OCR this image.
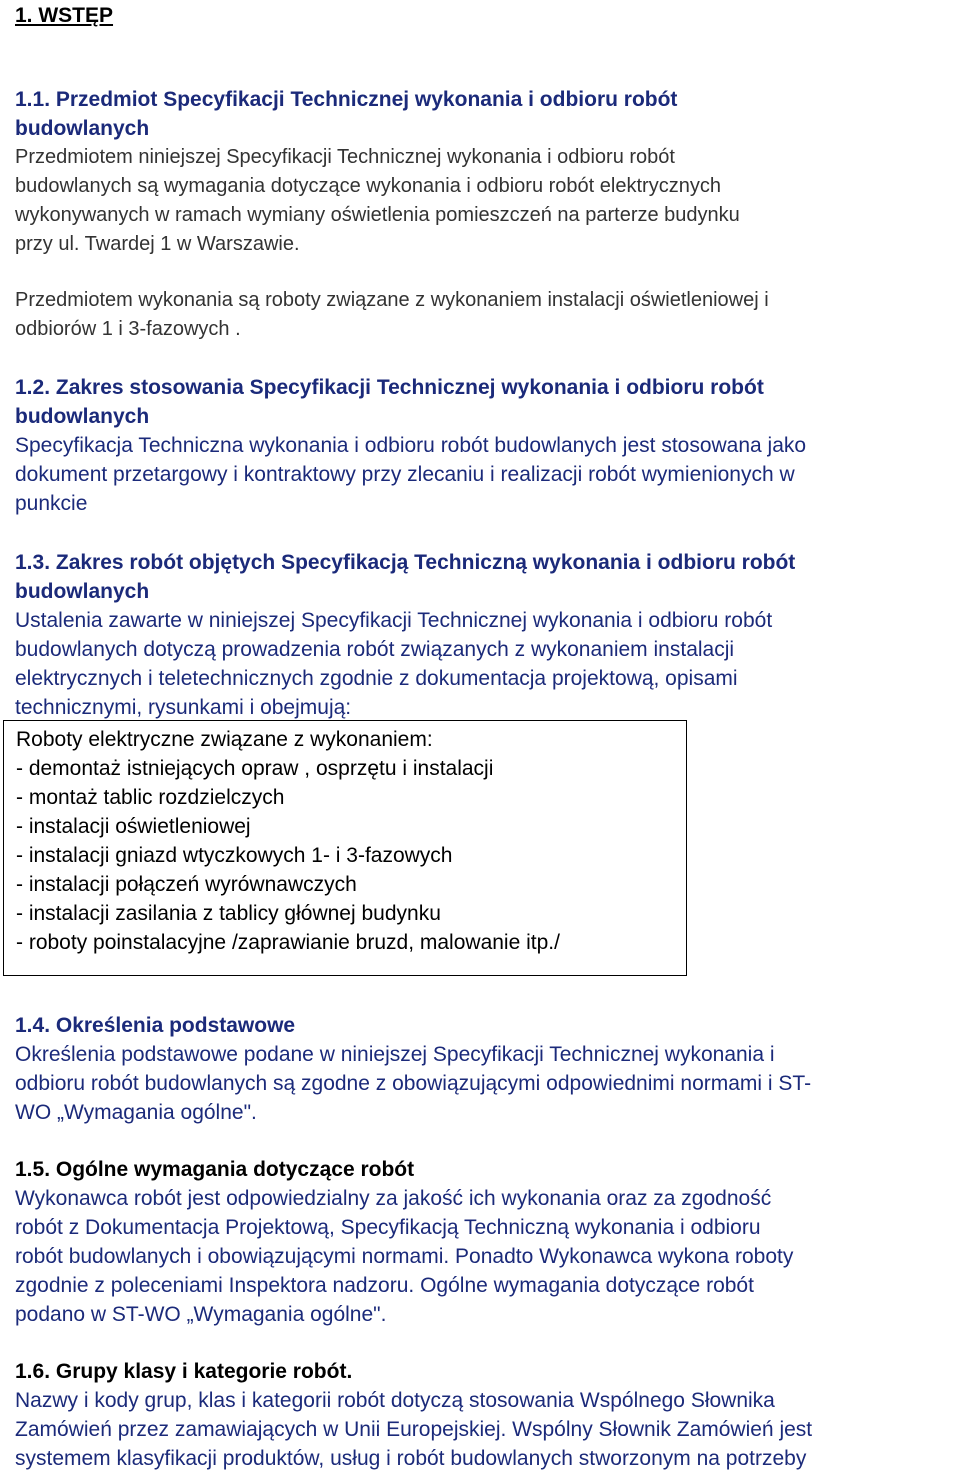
1. WSTĘP
1.1. Przedmiot Specyfikacji Technicznej wykonania i odbioru robót
budowlanych
Przedmiotem niniejszej Specyfikacji Technicznej wykonania i odbioru robót
budowlanych są wymagania dotyczące wykonania i odbioru robót elektrycznych
wykonywanych w ramach wymiany oświetlenia pomieszczeń na parterze budynku
przy ul. Twardej 1 w Warszawie.
Przedmiotem wykonania są roboty związane z wykonaniem instalacji oświetleniowej i
odbiorów 1 i 3-fazowych .
1.2. Zakres stosowania Specyfikacji Technicznej wykonania i odbioru robót
budowlanych
Specyfikacja Techniczna wykonania i odbioru robót budowlanych jest stosowana jako
dokument przetargowy i kontraktowy przy zlecaniu i realizacji robót wymienionych w
punkcie
1.3. Zakres robót objętych Specyfikacją Techniczną wykonania i odbioru robót
budowlanych
Ustalenia zawarte w niniejszej Specyfikacji Technicznej wykonania i odbioru robót
budowlanych dotyczą prowadzenia robót związanych z wykonaniem instalacji
elektrycznych i teletechnicznych zgodnie z dokumentacja projektową, opisami
technicznymi, rysunkami i obejmują:
Roboty elektryczne związane z wykonaniem:
- demontaż istniejących opraw , osprzętu i instalacji
- montaż tablic rozdzielczych
- instalacji oświetleniowej
- instalacji gniazd wtyczkowych 1- i 3-fazowych
- instalacji połączeń wyrównawczych
- instalacji zasilania z tablicy głównej budynku
- roboty poinstalacyjne /zaprawianie bruzd, malowanie itp./
1.4. Określenia podstawowe
Określenia podstawowe podane w niniejszej Specyfikacji Technicznej wykonania i
odbioru robót budowlanych są zgodne z obowiązującymi odpowiednimi normami i ST-
WO „Wymagania ogólne".
1.5. Ogólne wymagania dotyczące robót
Wykonawca robót jest odpowiedzialny za jakość ich wykonania oraz za zgodność
robót z Dokumentacja Projektową, Specyfikacją Techniczną wykonania i odbioru
robót budowlanych i obowiązującymi normami. Ponadto Wykonawca wykona roboty
zgodnie z poleceniami Inspektora nadzoru. Ogólne wymagania dotyczące robót
podano w ST-WO „Wymagania ogólne".
1.6. Grupy klasy i kategorie robót.
Nazwy i kody grup, klas i kategorii robót dotyczą stosowania Wspólnego Słownika
Zamówień przez zamawiających w Unii Europejskiej. Wspólny Słownik Zamówień jest
systemem klasyfikacji produktów, usług i robót budowlanych stworzonym na potrzeby
